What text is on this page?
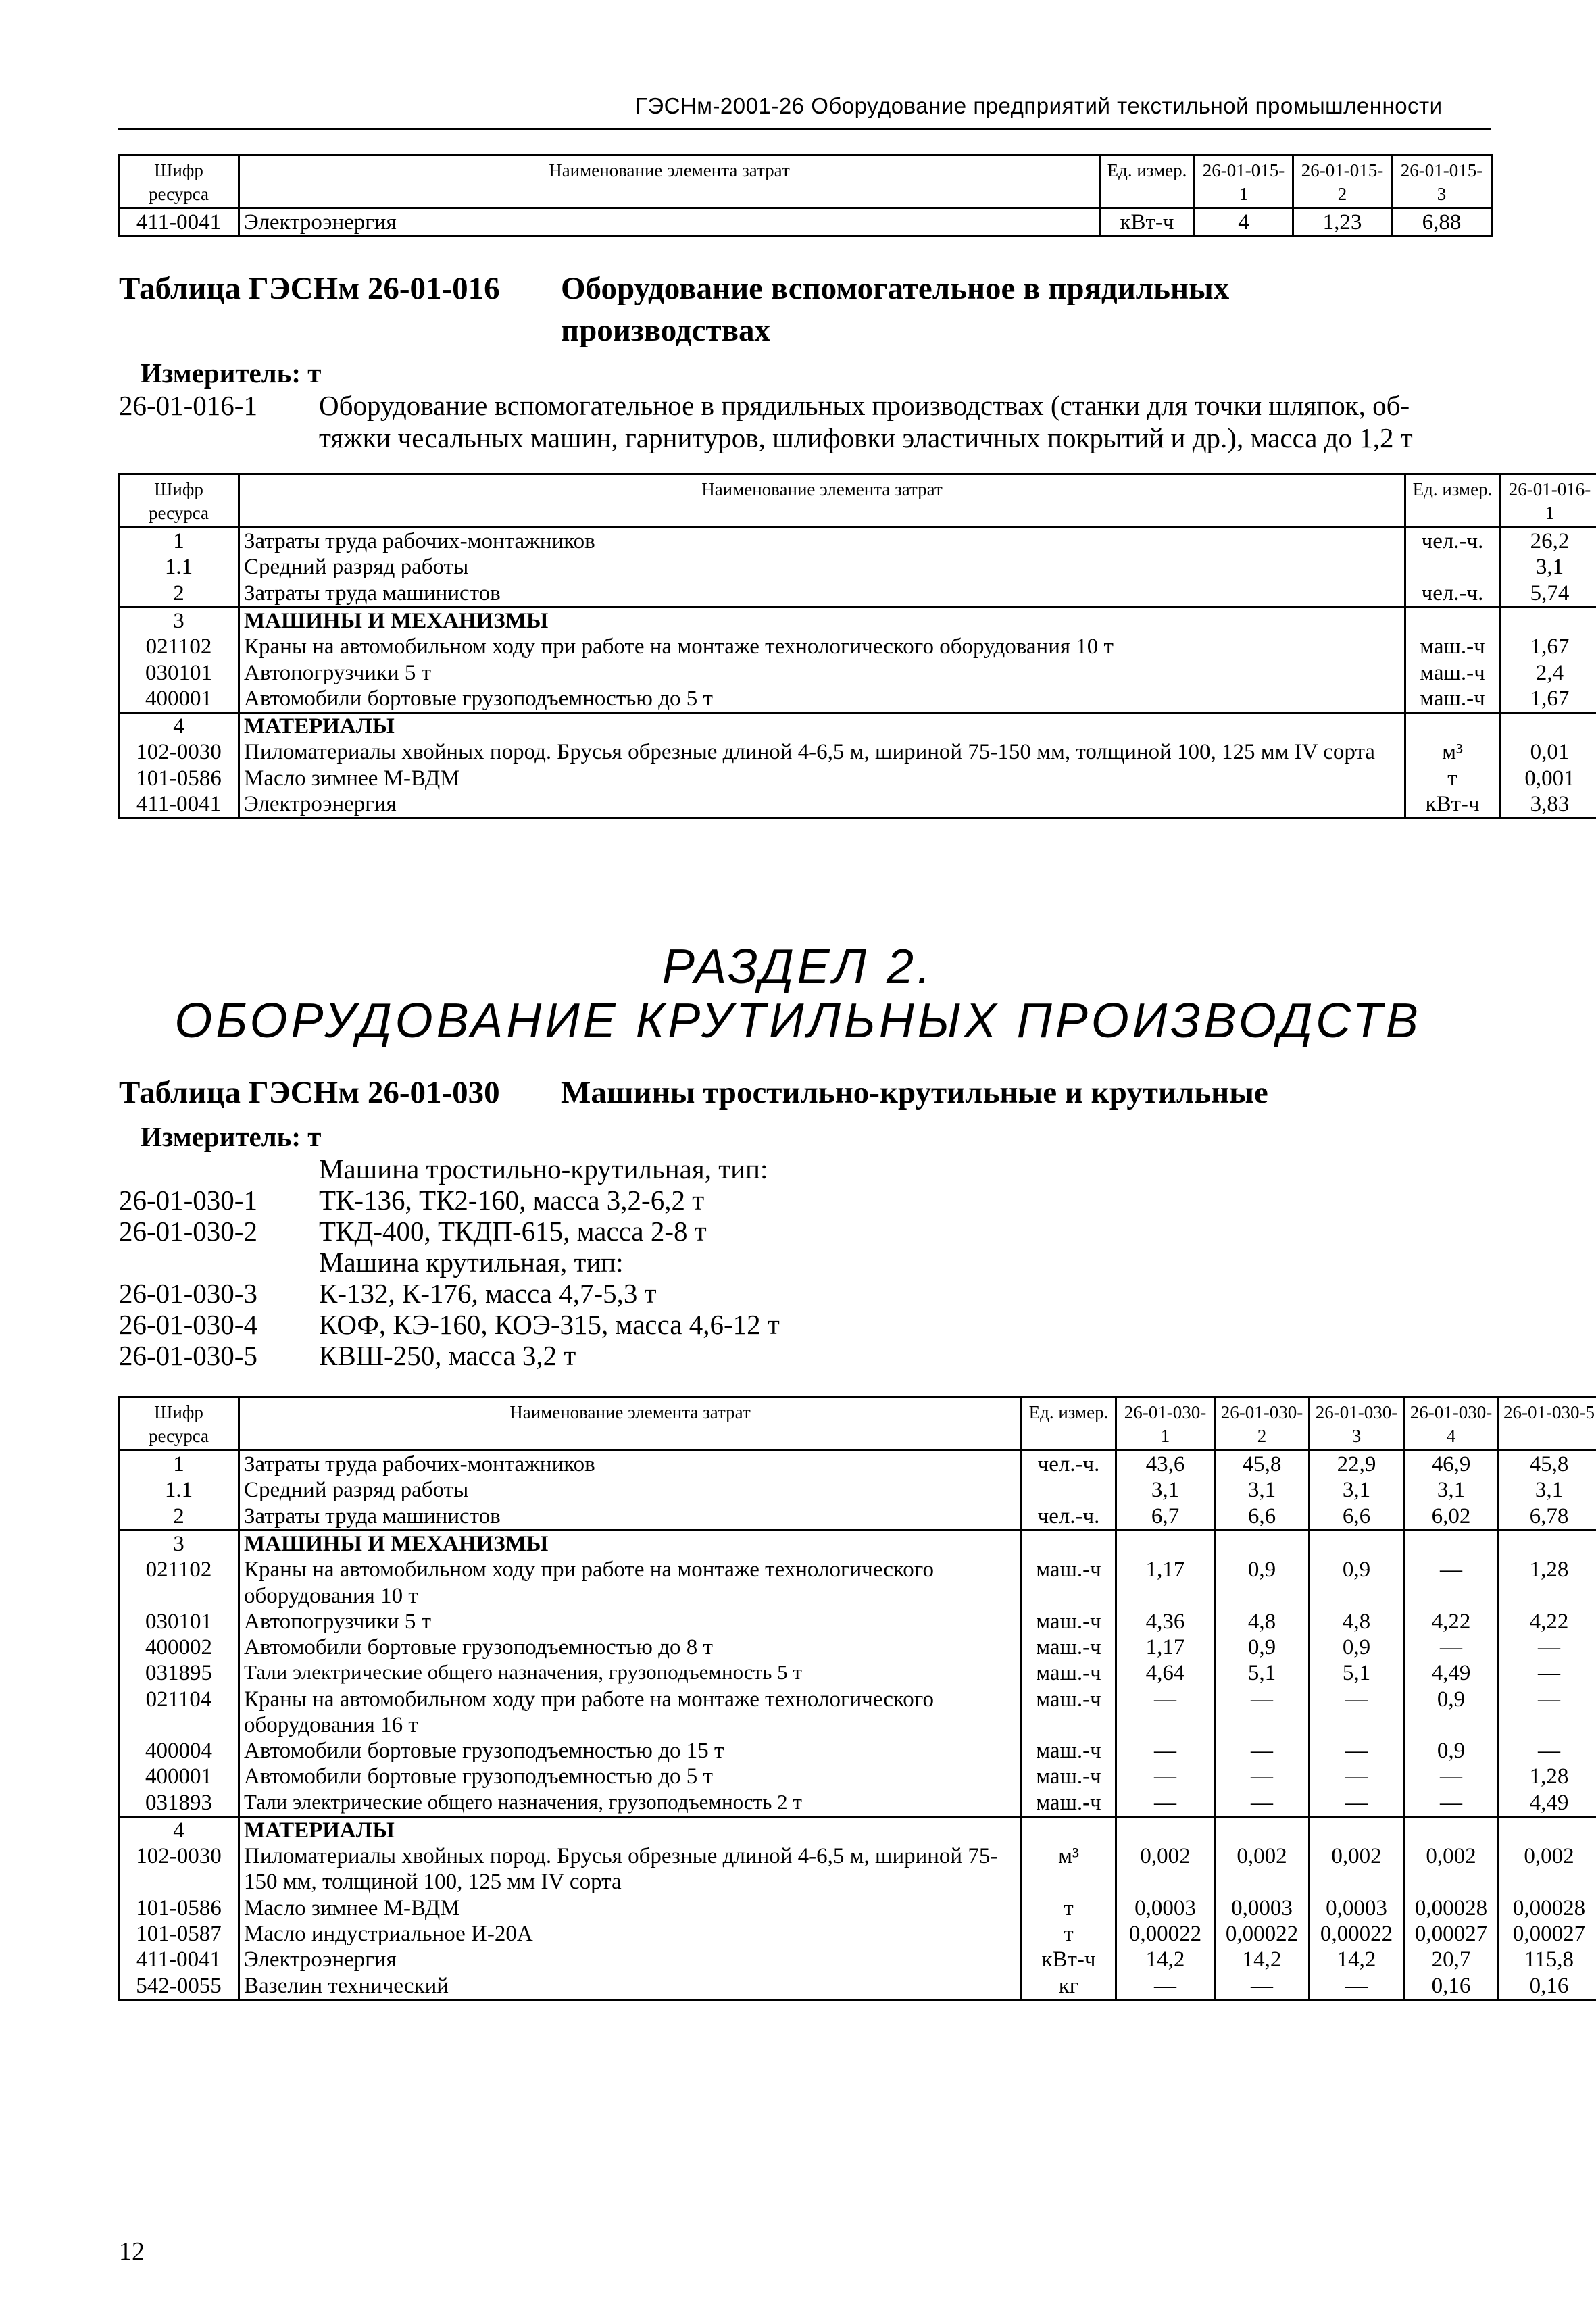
ГЭСНм-2001-26 Оборудование предприятий текстильной промышленности
Шифр ресурса	Наименование элемента затрат	Ед. измер.	26-01-015-1	26-01-015-2	26-01-015-3
411-0041	Электроэнергия	кВт-ч	4	1,23	6,88
Таблица ГЭСНм 26-01-016 Оборудование вспомогательное в прядильных
производствах
Измеритель: т
26-01-016-1 Оборудование вспомогательное в прядильных производствах (станки для точки шляпок, об-
тяжки чесальных машин, гарнитуров, шлифовки эластичных покрытий и др.), масса до 1,2 т
Шифр ресурса	Наименование элемента затрат	Ед. измер.	26-01-016-1
1	Затраты труда рабочих-монтажников	чел.-ч.	26,2
1.1	Средний разряд работы		3,1
2	Затраты труда машинистов	чел.-ч.	5,74
3	МАШИНЫ И МЕХАНИЗМЫ		
021102	Краны на автомобильном ходу при работе на монтаже технологического оборудования 10 т	маш.-ч	1,67
030101	Автопогрузчики 5 т	маш.-ч	2,4
400001	Автомобили бортовые грузоподъемностью до 5 т	маш.-ч	1,67
4	МАТЕРИАЛЫ		
102-0030	Пиломатериалы хвойных пород. Брусья обрезные длиной 4-6,5 м, шириной 75-150 мм, толщиной 100, 125 мм IV сорта	м³	0,01
101-0586	Масло зимнее М-ВДМ	т	0,001
411-0041	Электроэнергия	кВт-ч	3,83
РАЗДЕЛ 2.
ОБОРУДОВАНИЕ КРУТИЛЬНЫХ ПРОИЗВОДСТВ
Таблица ГЭСНм 26-01-030 Машины тростильно-крутильные и крутильные
Измеритель: т
Машина тростильно-крутильная, тип:
26-01-030-1 ТК-136, ТК2-160, масса 3,2-6,2 т
26-01-030-2 ТКД-400, ТКДП-615, масса 2-8 т
Машина крутильная, тип:
26-01-030-3 К-132, К-176, масса 4,7-5,3 т
26-01-030-4 КОФ, КЭ-160, КОЭ-315, масса 4,6-12 т
26-01-030-5 КВШ-250, масса 3,2 т
Шифр ресурса	Наименование элемента затрат	Ед. измер.	26-01-030-1	26-01-030-2	26-01-030-3	26-01-030-4	26-01-030-5
1	Затраты труда рабочих-монтажников	чел.-ч.	43,6	45,8	22,9	46,9	45,8
1.1	Средний разряд работы		3,1	3,1	3,1	3,1	3,1
2	Затраты труда машинистов	чел.-ч.	6,7	6,6	6,6	6,02	6,78
3	МАШИНЫ И МЕХАНИЗМЫ						
021102	Краны на автомобильном ходу при работе на монтаже технологического оборудования 10 т	маш.-ч	1,17	0,9	0,9	—	1,28
030101	Автопогрузчики 5 т	маш.-ч	4,36	4,8	4,8	4,22	4,22
400002	Автомобили бортовые грузоподъемностью до 8 т	маш.-ч	1,17	0,9	0,9	—	—
031895	Тали электрические общего назначения, грузоподъемность 5 т	маш.-ч	4,64	5,1	5,1	4,49	—
021104	Краны на автомобильном ходу при работе на монтаже технологического оборудования 16 т	маш.-ч	—	—	—	0,9	—
400004	Автомобили бортовые грузоподъемностью до 15 т	маш.-ч	—	—	—	0,9	—
400001	Автомобили бортовые грузоподъемностью до 5 т	маш.-ч	—	—	—	—	1,28
031893	Тали электрические общего назначения, грузоподъемность 2 т	маш.-ч	—	—	—	—	4,49
4	МАТЕРИАЛЫ						
102-0030	Пиломатериалы хвойных пород. Брусья обрезные длиной 4-6,5 м, шириной 75-150 мм, толщиной 100, 125 мм IV сорта	м³	0,002	0,002	0,002	0,002	0,002
101-0586	Масло зимнее М-ВДМ	т	0,0003	0,0003	0,0003	0,00028	0,00028
101-0587	Масло индустриальное И-20А	т	0,00022	0,00022	0,00022	0,00027	0,00027
411-0041	Электроэнергия	кВт-ч	14,2	14,2	14,2	20,7	115,8
542-0055	Вазелин технический	кг	—	—	—	0,16	0,16
12
